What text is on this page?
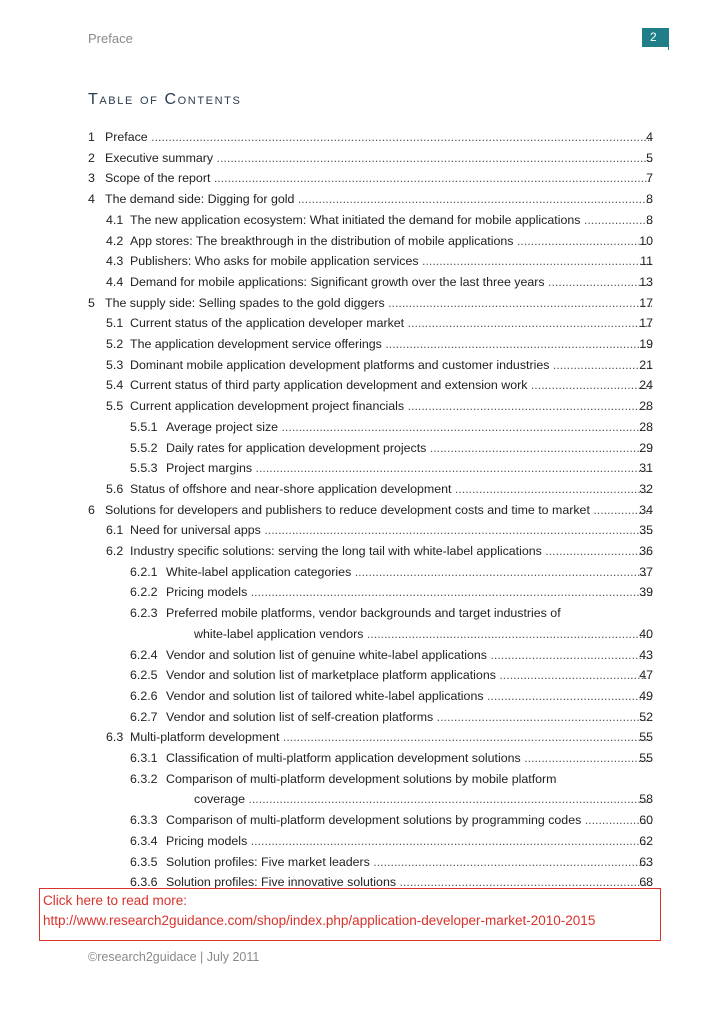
Preface	2
Table of Contents
1 Preface .....	4
2 Executive summary .....	5
3 Scope of the report .....	7
4 The demand side: Digging for gold .....	8
4.1 The new application ecosystem: What initiated the demand for mobile applications .....	8
4.2 App stores: The breakthrough in the distribution of mobile applications .....	10
4.3 Publishers: Who asks for mobile application services .....	11
4.4 Demand for mobile applications: Significant growth over the last three years .....	13
5 The supply side: Selling spades to the gold diggers .....	17
5.1 Current status of the application developer market .....	17
5.2 The application development service offerings .....	19
5.3 Dominant mobile application development platforms and customer industries .....	21
5.4 Current status of third party application development and extension work .....	24
5.5 Current application development project financials .....	28
5.5.1 Average project size .....	28
5.5.2 Daily rates for application development projects .....	29
5.5.3 Project margins .....	31
5.6 Status of offshore and near-shore application development .....	32
6 Solutions for developers and publishers to reduce development costs and time to market .....	34
6.1 Need for universal apps .....	35
6.2 Industry specific solutions: serving the long tail with white-label applications .....	36
6.2.1 White-label application categories .....	37
6.2.2 Pricing models .....	39
6.2.3 Preferred mobile platforms, vendor backgrounds and target industries of
white-label application vendors .....	40
6.2.4 Vendor and solution list of genuine white-label applications .....	43
6.2.5 Vendor and solution list of marketplace platform applications .....	47
6.2.6 Vendor and solution list of tailored white-label applications .....	49
6.2.7 Vendor and solution list of self-creation platforms .....	52
6.3 Multi-platform development .....	55
6.3.1 Classification of multi-platform application development solutions .....	55
6.3.2 Comparison of multi-platform development solutions by mobile platform
coverage .....	58
6.3.3 Comparison of multi-platform development solutions by programming codes .....	60
6.3.4 Pricing models .....	62
6.3.5 Solution profiles: Five market leaders .....	63
6.3.6 Solution profiles: Five innovative solutions .....	68
Click here to read more:
http://www.research2guidance.com/shop/index.php/application-developer-market-2010-2015
©research2guidace | July 2011
